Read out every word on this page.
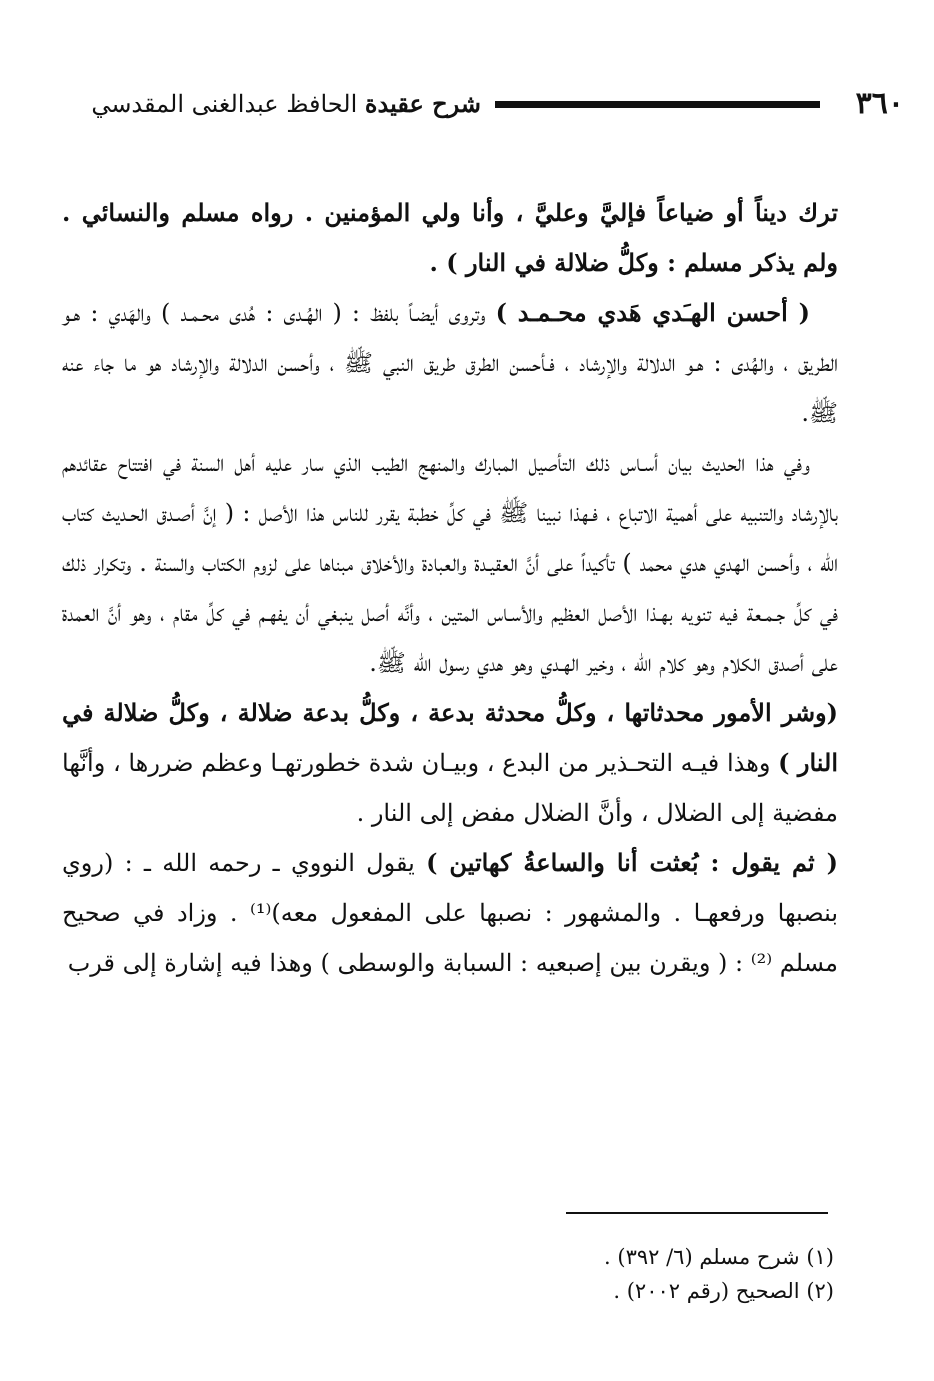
٣٦٠
شرح عقيدة الحافظ عبدالغنى المقدسي

ترك ديناً أو ضياعاً فإليَّ وعليَّ ، وأنا ولي المؤمنين . رواه مسلم والنسائي . ولم يذكر مسلم : وكلُّ ضلالة في النار ) .

( أحسن الهـَدي هَدي محـمـد ) وتروى أيضـاً بلفظ : ( الهُـدى : هُدى محـمـد ) والهَدي : هـو الطريق ، والهُدى : هـو الدلالة والإرشاد ، فـأحسن الطرق طريق النبي ﷺ ، وأحسن الدلالة والإرشاد هو ما جاء عنه ﷺ.

وفي هذا الحديث بيان أسـاس ذلك التأصيل المبارك والمنهج الطيب الذي سار عليه أهل السنة في افتتاح عقائدهم بالإرشاد والتنبيه على أهمية الاتباع ، فـهذا نبينا ﷺ في كلِّ خطبة يقرر للناس هذا الأصل : ( إنَّ أصـدق الحـديث كتاب الله ، وأحسن الهدي هدي محمد ) تأكيداً على أنَّ العقيـدة والعبادة والأخلاق مبناها على لزوم الكتاب والسنة . وتكرار ذلك في كلِّ جـمـعة فيه تنويه بهـذا الأصل العظيم والأسـاس المتين ، وأنَّه أصل ينبغي أن يفهـم في كلِّ مقام ، وهو أنَّ العمدة على أصدق الكلام وهو كلام الله ، وخير الهـدي وهو هدي رسول الله ﷺ.

(وشر الأمور محدثاتها ، وكلُّ محدثة بدعة ، وكلُّ بدعة ضلالة ، وكلُّ ضلالة في النار ) وهذا فيـه التحـذير من البدع ، وبيـان شدة خطورتهـا وعظم ضررها ، وأنَّها مفضية إلى الضلال ، وأنَّ الضلال مفض إلى النار .

( ثم يقول : بُعثت أنا والساعةُ كهاتين ) يقول النووي ـ رحمه الله ـ : (روي بنصبها ورفعهـا . والمشهور : نصبها على المفعول معه)⁽¹⁾ . وزاد في صحيح مسلم ⁽²⁾ : ( ويقرن بين إصبعيه : السبابة والوسطى ) وهذا فيه إشارة إلى قرب

(١) شرح مسلم (٦/ ٣٩٢) .
(٢) الصحيح (رقم ٢٠٠٢) .
